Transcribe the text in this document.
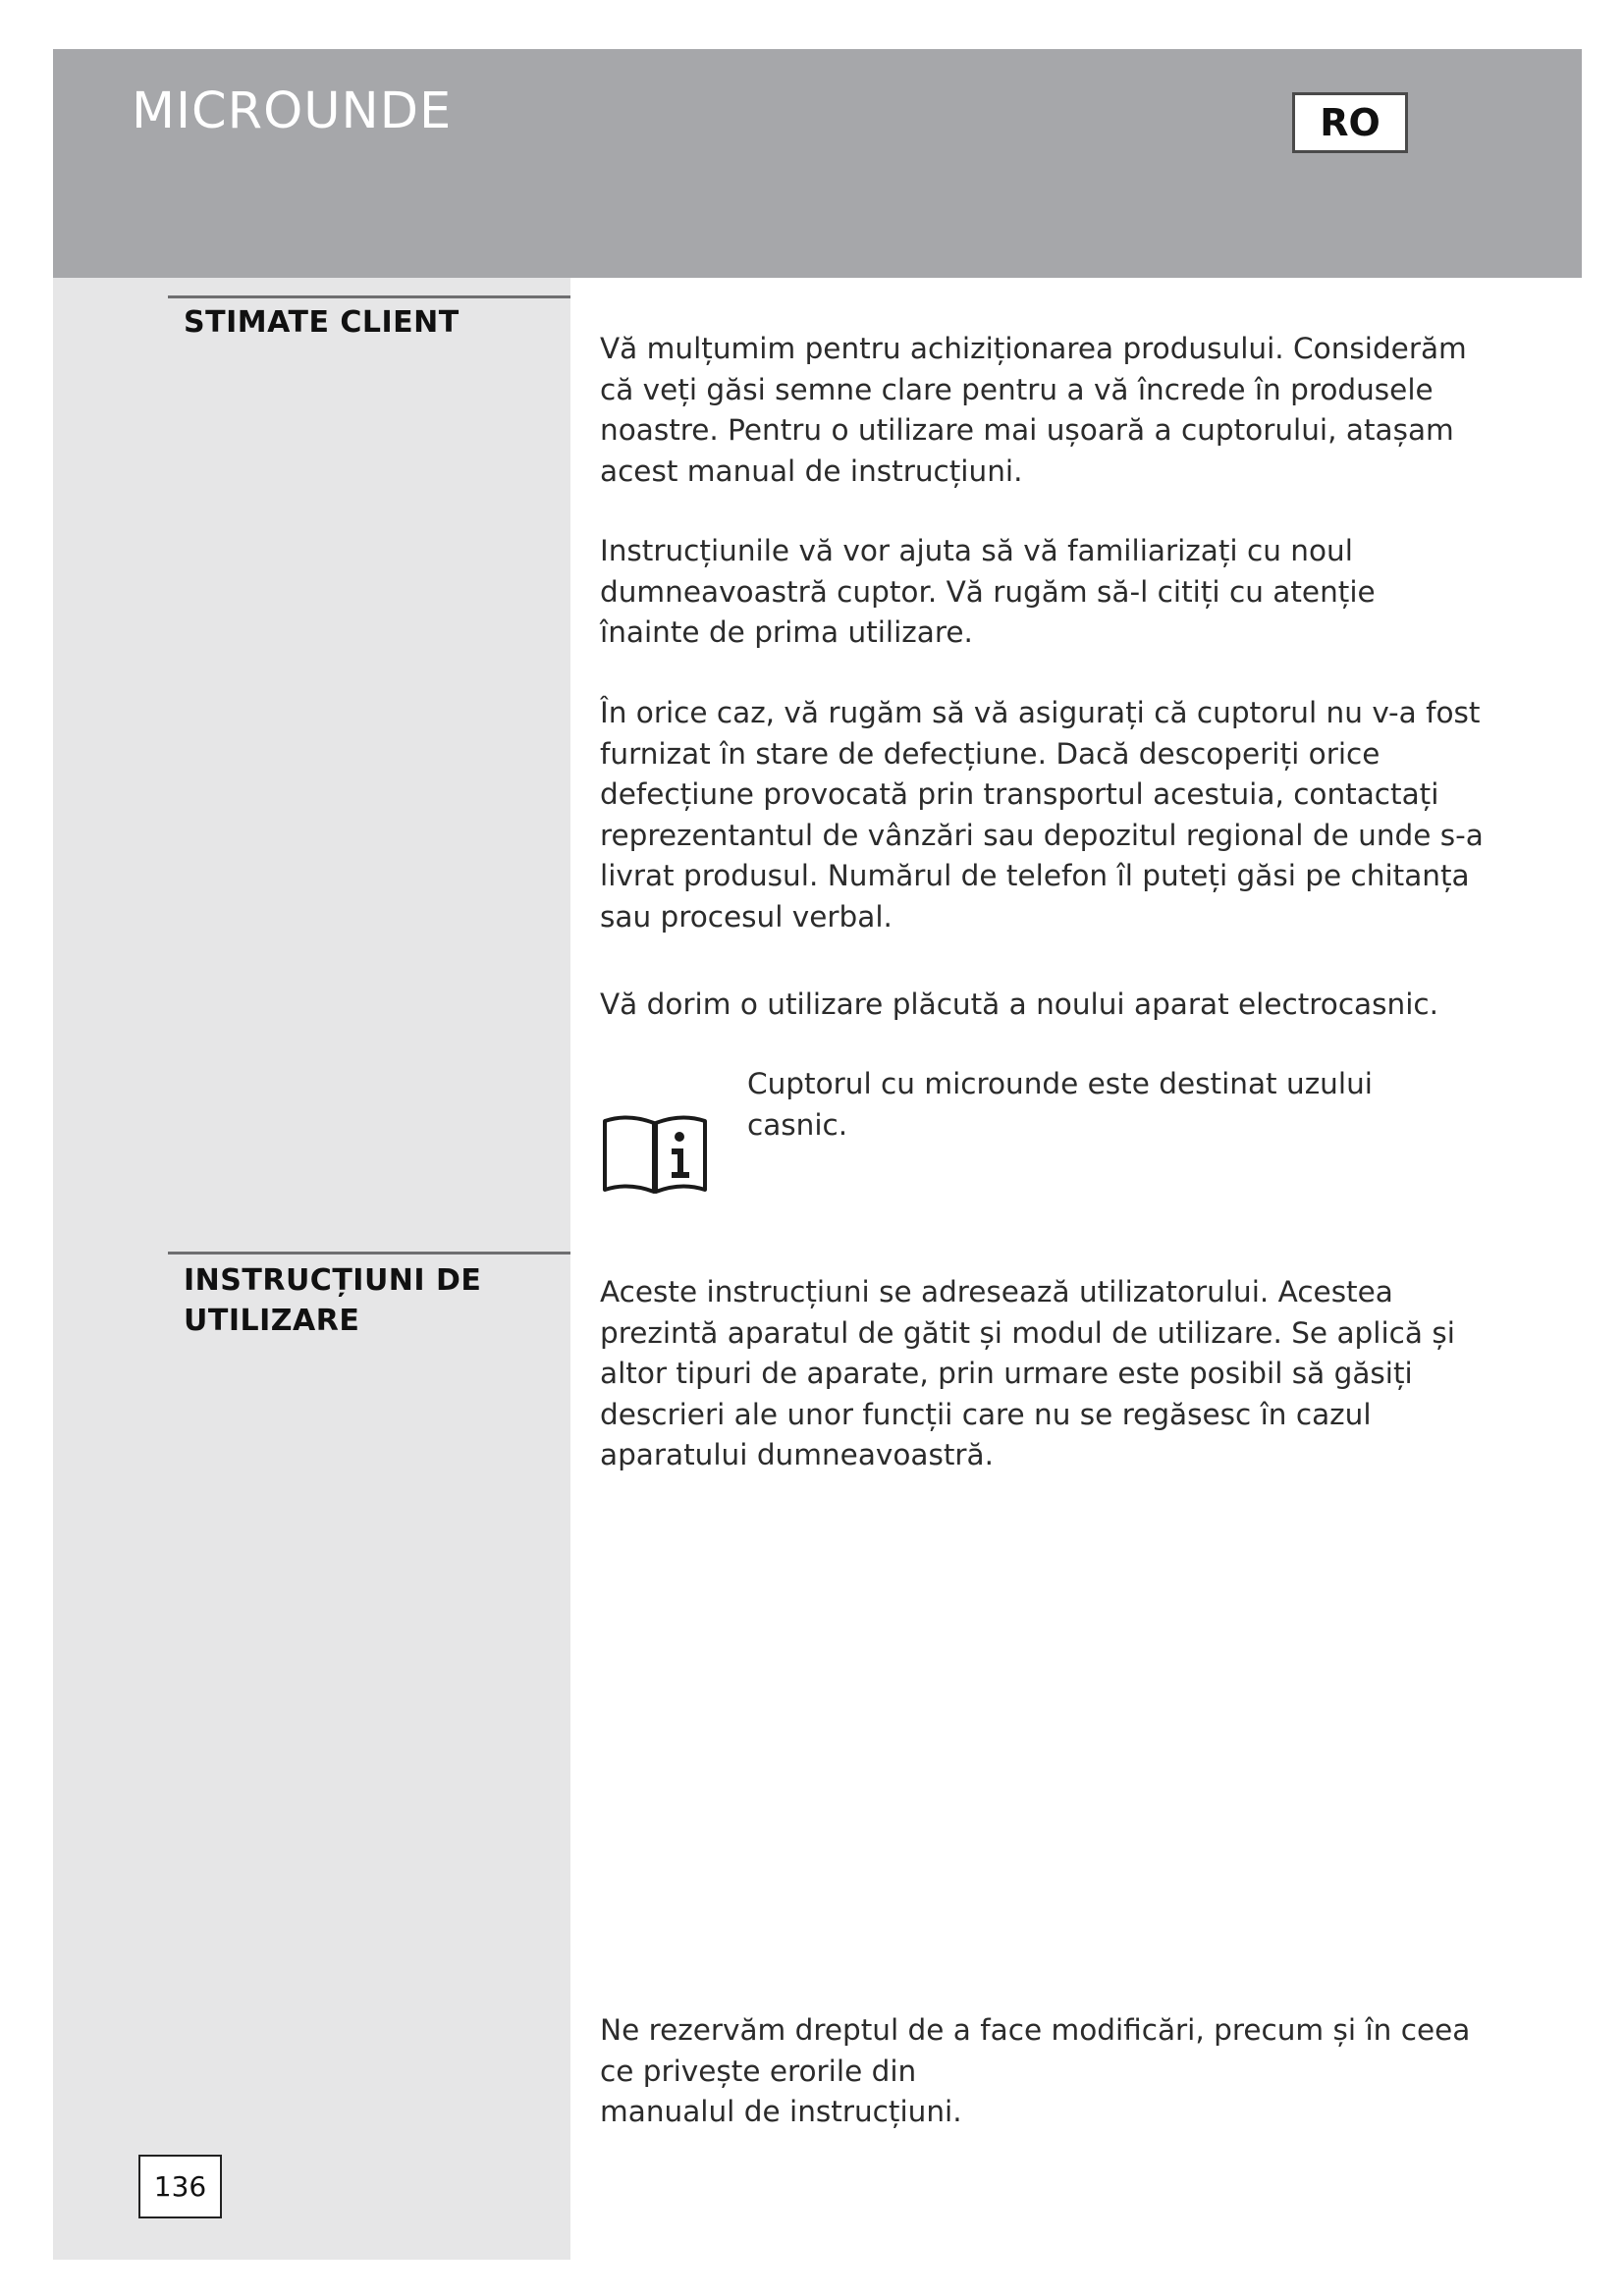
MICROUNDE	RO
STIMATE CLIENT

Vă mulțumim pentru achiziționarea produsului. Considerăm că veți găsi semne clare pentru a vă încrede în produsele noastre. Pentru o utilizare mai ușoară a cuptorului, atașam acest manual de instrucțiuni.

Instrucțiunile vă vor ajuta să vă familiarizați cu noul dumneavoastră cuptor. Vă rugăm să-l citiți cu atenție înainte de prima utilizare.

În orice caz, vă rugăm să vă asigurați că cuptorul nu v-a fost furnizat în stare de defecțiune. Dacă descoperiți orice defecțiune provocată prin transportul acestuia, contactați reprezentantul de vânzări sau depozitul regional de unde s-a livrat produsul. Numărul de telefon îl puteți găsi pe chitanța sau procesul verbal.

Vă dorim o utilizare plăcută a noului aparat electrocasnic.

Cuptorul cu microunde este destinat uzului casnic.

INSTRUCȚIUNI DE UTILIZARE

Aceste instrucțiuni se adresează utilizatorului. Acestea prezintă aparatul de gătit și modul de utilizare. Se aplică și altor tipuri de aparate, prin urmare este posibil să găsiți descrieri ale unor funcții care nu se regăsesc în cazul aparatului dumneavoastră.

Ne rezervăm dreptul de a face modificări, precum și în ceea ce privește erorile din
manualul de instrucțiuni.
136
